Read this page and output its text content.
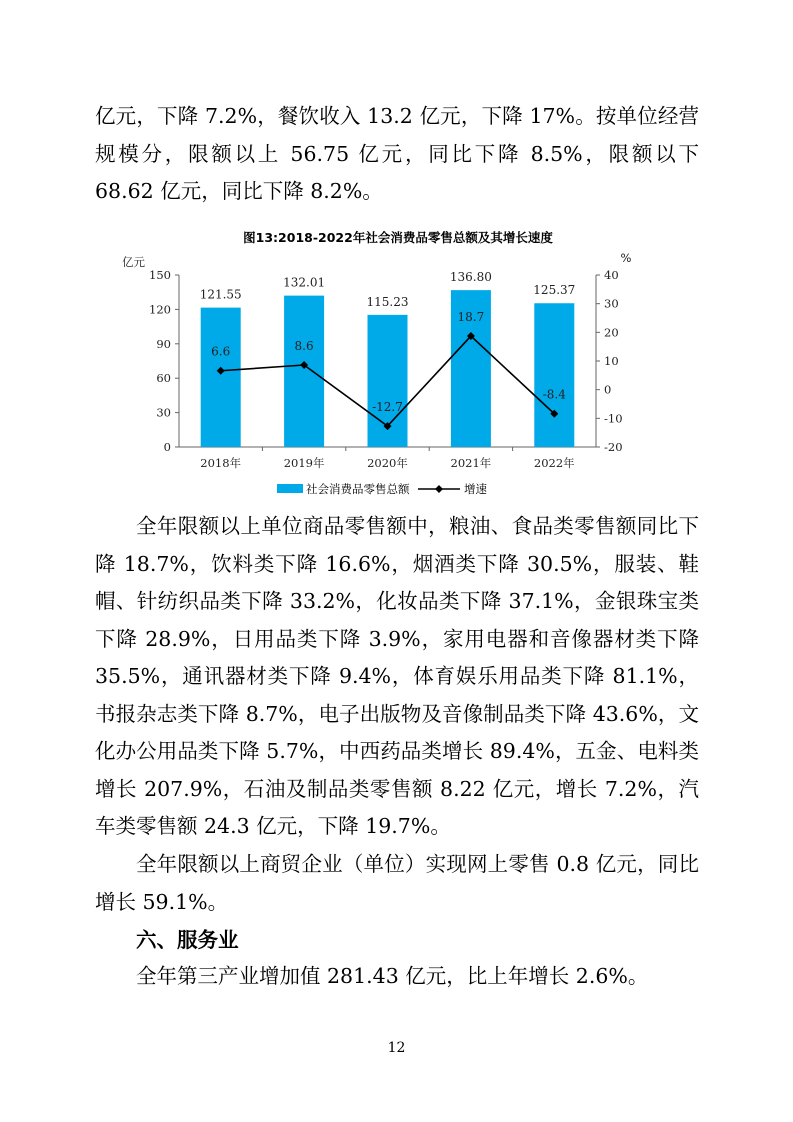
亿元，下降 7.2%，餐饮收入 13.2 亿元，下降 17%。按单位经营规模分，限额以上 56.75 亿元，同比下降 8.5%，限额以下 68.62 亿元，同比下降 8.2%。

图13:2018-2022年社会消费品零售总额及其增长速度
亿元	%
0
30
60
90
120
150
-20
-10
0
10
20
30
40
2018年	2019年	2020年	2021年	2022年
121.55
132.01
115.23
136.80
125.37
6.6	8.6
-12.7
18.7
-8.4
社会消费品零售总额	增速

全年限额以上单位商品零售额中，粮油、食品类零售额同比下降 18.7%，饮料类下降 16.6%，烟酒类下降 30.5%，服装、鞋帽、针纺织品类下降 33.2%，化妆品类下降 37.1%，金银珠宝类下降 28.9%，日用品类下降 3.9%，家用电器和音像器材类下降 35.5%，通讯器材类下降 9.4%，体育娱乐用品类下降 81.1%，书报杂志类下降 8.7%，电子出版物及音像制品类下降 43.6%，文化办公用品类下降 5.7%，中西药品类增长 89.4%，五金、电料类增长 207.9%，石油及制品类零售额 8.22 亿元，增长 7.2%，汽车类零售额 24.3 亿元，下降 19.7%。

全年限额以上商贸企业（单位）实现网上零售 0.8 亿元，同比增长 59.1%。

六、服务业

全年第三产业增加值 281.43 亿元，比上年增长 2.6%。

12
